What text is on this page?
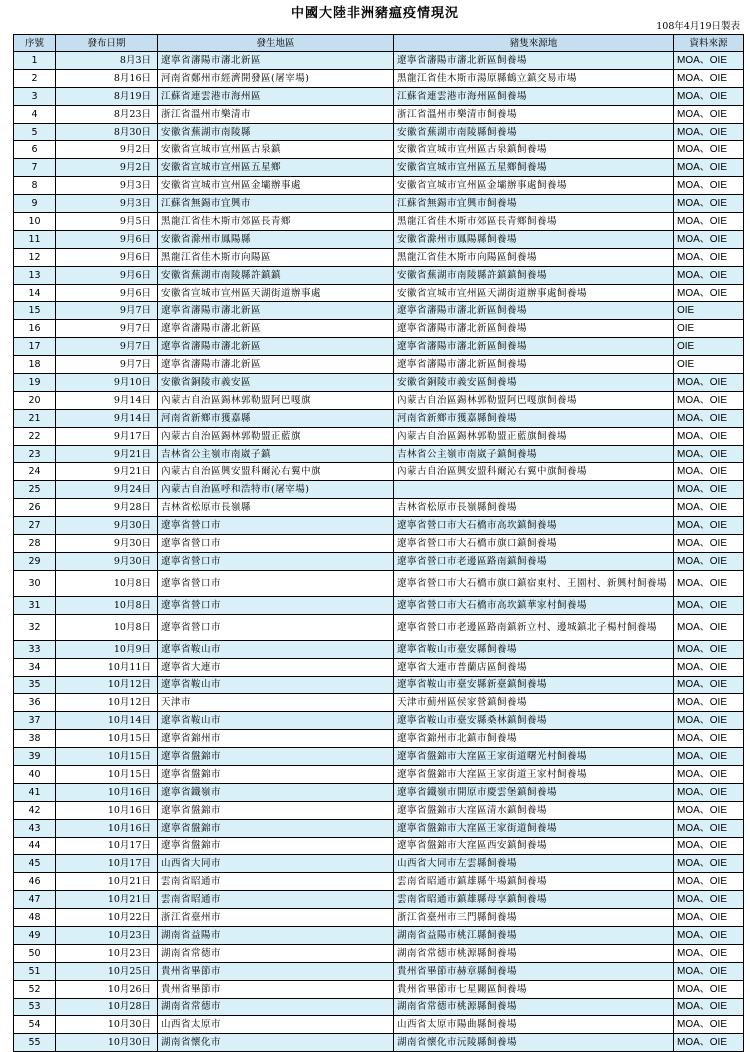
中國大陸非洲豬瘟疫情現況
108年4月19日製表
序號	發布日期	發生地區	豬隻來源地	資料來源
1	8月3日	遼寧省瀋陽市瀋北新區	遼寧省瀋陽市瀋北新區飼養場	MOA、OIE
2	8月16日	河南省鄭州市經濟開發區(屠宰場)	黑龍江省佳木斯市湯原縣鶴立鎮交易市場	MOA、OIE
3	8月19日	江蘇省連雲港市海州區	江蘇省連雲港市海州區飼養場	MOA、OIE
4	8月23日	浙江省溫州市樂清市	浙江省溫州市樂清市飼養場	MOA、OIE
5	8月30日	安徽省蕪湖市南陵縣	安徽省蕪湖市南陵縣飼養場	MOA、OIE
6	9月2日	安徽省宣城市宣州區古泉鎮	安徽省宣城市宣州區古泉鎮飼養場	MOA、OIE
7	9月2日	安徽省宣城市宣州區五星鄉	安徽省宣城市宣州區五星鄉飼養場	MOA、OIE
8	9月3日	安徽省宣城市宣州區金壩辦事處	安徽省宣城市宣州區金壩辦事處飼養場	MOA、OIE
9	9月3日	江蘇省無錫市宜興市	江蘇省無錫市宜興市飼養場	MOA、OIE
10	9月5日	黑龍江省佳木斯市郊區長青鄉	黑龍江省佳木斯市郊區長青鄉飼養場	MOA、OIE
11	9月6日	安徽省滁州市鳳陽縣	安徽省滁州市鳳陽縣飼養場	MOA、OIE
12	9月6日	黑龍江省佳木斯市向陽區	黑龍江省佳木斯市向陽區飼養場	MOA、OIE
13	9月6日	安徽省蕪湖市南陵縣許鎮鎮	安徽省蕪湖市南陵縣許鎮鎮飼養場	MOA、OIE
14	9月6日	安徽省宣城市宣州區天湖街道辦事處	安徽省宣城市宣州區天湖街道辦事處飼養場	MOA、OIE
15	9月7日	遼寧省瀋陽市瀋北新區	遼寧省瀋陽市瀋北新區飼養場	OIE
16	9月7日	遼寧省瀋陽市瀋北新區	遼寧省瀋陽市瀋北新區飼養場	OIE
17	9月7日	遼寧省瀋陽市瀋北新區	遼寧省瀋陽市瀋北新區飼養場	OIE
18	9月7日	遼寧省瀋陽市瀋北新區	遼寧省瀋陽市瀋北新區飼養場	OIE
19	9月10日	安徽省銅陵市義安區	安徽省銅陵市義安區飼養場	MOA、OIE
20	9月14日	內蒙古自治區錫林郭勒盟阿巴嘎旗	內蒙古自治區錫林郭勒盟阿巴嘎旗飼養場	MOA、OIE
21	9月14日	河南省新鄉市獲嘉縣	河南省新鄉市獲嘉縣飼養場	MOA、OIE
22	9月17日	內蒙古自治區錫林郭勒盟正藍旗	內蒙古自治區錫林郭勒盟正藍旗飼養場	MOA、OIE
23	9月21日	吉林省公主嶺市南崴子鎮	吉林省公主嶺市南崴子鎮飼養場	MOA、OIE
24	9月21日	內蒙古自治區興安盟科爾沁右翼中旗	內蒙古自治區興安盟科爾沁右翼中旗飼養場	MOA、OIE
25	9月24日	內蒙古自治區呼和浩特市(屠宰場)		MOA、OIE
26	9月28日	吉林省松原市長嶺縣	吉林省松原市長嶺縣飼養場	MOA、OIE
27	9月30日	遼寧省營口市	遼寧省營口市大石橋市高坎鎮飼養場	MOA、OIE
28	9月30日	遼寧省營口市	遼寧省營口市大石橋市旗口鎮飼養場	MOA、OIE
29	9月30日	遼寧省營口市	遼寧省營口市老邊區路南鎮飼養場	MOA、OIE
30	10月8日	遼寧省營口市	遼寧省營口市大石橋市旗口鎮宿東村、王園村、新興村飼養場	MOA、OIE
31	10月8日	遼寧省營口市	遼寧省營口市大石橋市高坎鎮華家村飼養場	MOA、OIE
32	10月8日	遼寧省營口市	遼寧省營口市老邊區路南鎮新立村、邊城鎮北子楊村飼養場	MOA、OIE
33	10月9日	遼寧省鞍山市	遼寧省鞍山市臺安縣飼養場	MOA、OIE
34	10月11日	遼寧省大連市	遼寧省大連市普蘭店區飼養場	MOA、OIE
35	10月12日	遼寧省鞍山市	遼寧省鞍山市臺安縣新臺鎮飼養場	MOA、OIE
36	10月12日	天津市	天津市薊州區侯家營鎮飼養場	MOA、OIE
37	10月14日	遼寧省鞍山市	遼寧省鞍山市臺安縣桑林鎮飼養場	MOA、OIE
38	10月15日	遼寧省錦州市	遼寧省錦州市北鎮市飼養場	MOA、OIE
39	10月15日	遼寧省盤錦市	遼寧省盤錦市大窪區王家街道曙光村飼養場	MOA、OIE
40	10月15日	遼寧省盤錦市	遼寧省盤錦市大窪區王家街道王家村飼養場	MOA、OIE
41	10月16日	遼寧省鐵嶺市	遼寧省鐵嶺市開原市慶雲堡鎮飼養場	MOA、OIE
42	10月16日	遼寧省盤錦市	遼寧省盤錦市大窪區清水鎮飼養場	MOA、OIE
43	10月16日	遼寧省盤錦市	遼寧省盤錦市大窪區王家街道飼養場	MOA、OIE
44	10月17日	遼寧省盤錦市	遼寧省盤錦市大窪區西安鎮飼養場	MOA、OIE
45	10月17日	山西省大同市	山西省大同市左雲縣飼養場	MOA、OIE
46	10月21日	雲南省昭通市	雲南省昭通市鎮雄縣牛場鎮飼養場	MOA、OIE
47	10月21日	雲南省昭通市	雲南省昭通市鎮雄縣母享鎮飼養場	MOA、OIE
48	10月22日	浙江省臺州市	浙江省臺州市三門縣飼養場	MOA、OIE
49	10月23日	湖南省益陽市	湖南省益陽市桃江縣飼養場	MOA、OIE
50	10月23日	湖南省常德市	湖南省常德市桃源縣飼養場	MOA、OIE
51	10月25日	貴州省畢節市	貴州省畢節市赫章縣飼養場	MOA、OIE
52	10月26日	貴州省畢節市	貴州省畢節市七星關區飼養場	MOA、OIE
53	10月28日	湖南省常德市	湖南省常德市桃源縣飼養場	MOA、OIE
54	10月30日	山西省太原市	山西省太原市陽曲縣飼養場	MOA、OIE
55	10月30日	湖南省懷化市	湖南省懷化市沅陵縣飼養場	MOA、OIE
